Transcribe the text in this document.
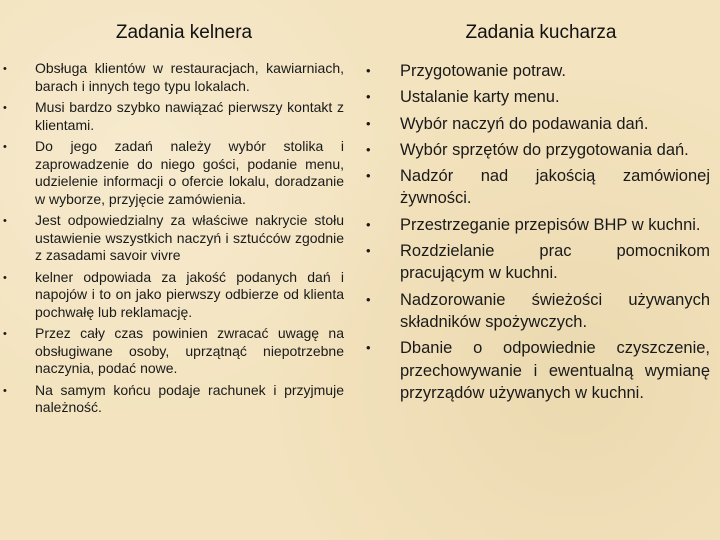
Zadania kelnera
• Obsługa klientów w restauracjach, kawiarniach, barach i innych tego typu lokalach.
• Musi bardzo szybko nawiązać pierwszy kontakt z klientami.
• Do jego zadań należy wybór stolika i zaprowadzenie do niego gości, podanie menu, udzielenie informacji o ofercie lokalu, doradzanie w wyborze, przyjęcie zamówienia.
• Jest odpowiedzialny za właściwe nakrycie stołu ustawienie wszystkich naczyń i sztućców zgodnie z zasadami savoir vivre
• kelner odpowiada za jakość podanych dań i napojów i to on jako pierwszy odbierze od klienta pochwałę lub reklamację.
• Przez cały czas powinien zwracać uwagę na obsługiwane osoby, uprzątnąć niepotrzebne naczynia, podać nowe.
• Na samym końcu podaje rachunek i przyjmuje należność.
Zadania kucharza
• Przygotowanie potraw.
• Ustalanie karty menu.
• Wybór naczyń do podawania dań.
• Wybór sprzętów do przygotowania dań.
• Nadzór nad jakością zamówionej żywności.
• Przestrzeganie przepisów BHP w kuchni.
• Rozdzielanie prac pomocnikom pracującym w kuchni.
• Nadzorowanie świeżości używanych składników spożywczych.
• Dbanie o odpowiednie czyszczenie, przechowywanie i ewentualną wymianę przyrządów używanych w kuchni.
